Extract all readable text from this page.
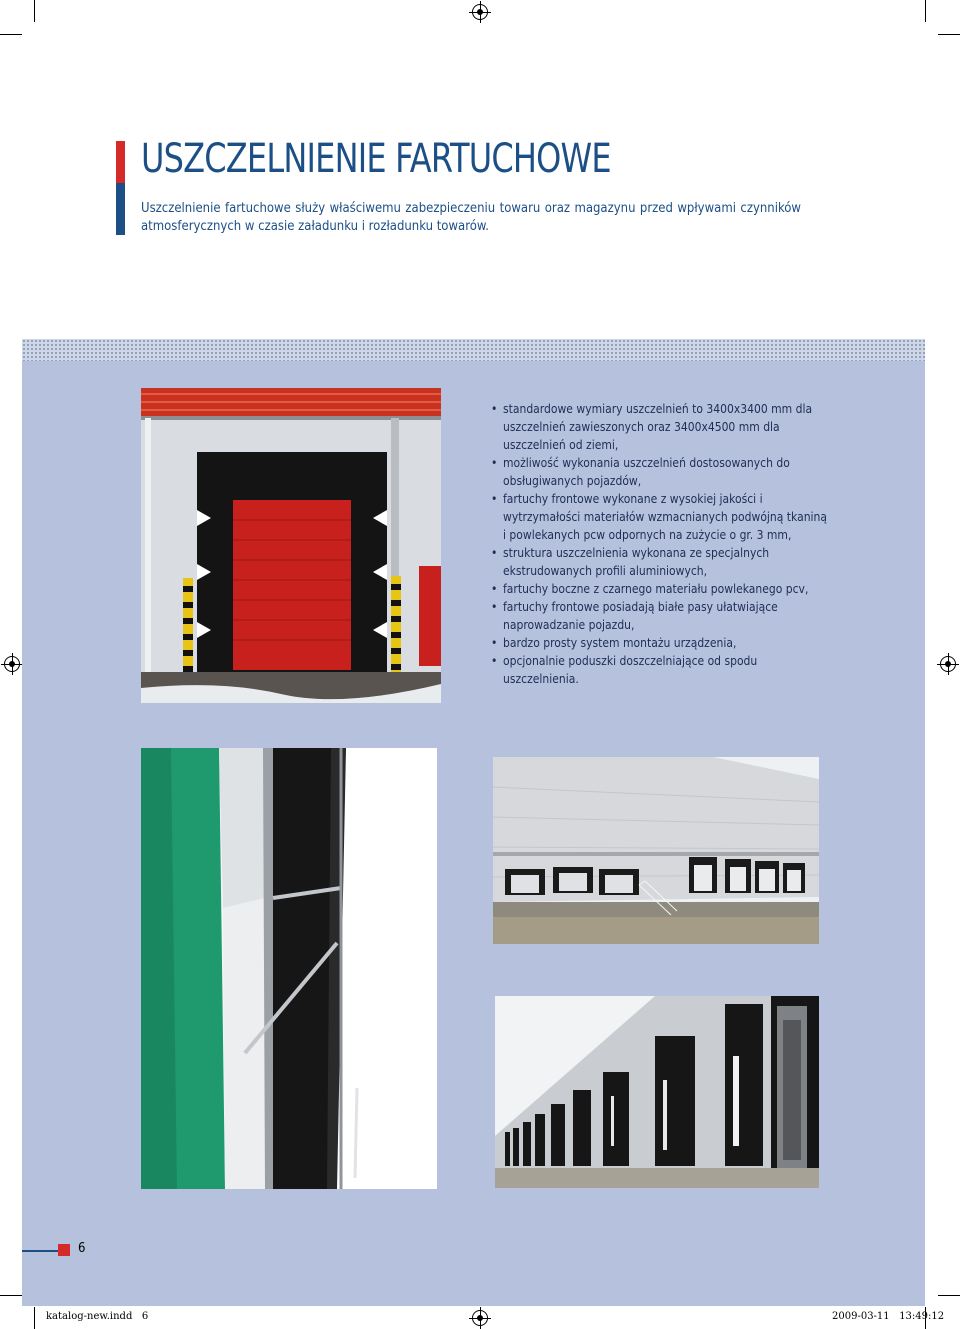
USZCZELNIENIE FARTUCHOWE

Uszczelnienie fartuchowe służy właściwemu zabezpieczeniu towaru oraz magazynu przed wpływami czynników atmosferycznych w czasie załadunku i rozładunku towarów.

• standardowe wymiary uszczelnień to 3400x3400 mm dla uszczelnień zawieszonych oraz 3400x4500 mm dla uszczelnień od ziemi,
• możliwość wykonania uszczelnień dostosowanych do obsługiwanych pojazdów,
• fartuchy frontowe wykonane z wysokiej jakości i wytrzymałości materiałów wzmacnianych podwójną tkaniną i powlekanych pcw odpornych na zużycie o gr. 3 mm,
• struktura uszczelnienia wykonana ze specjalnych ekstrudowanych profili aluminiowych,
• fartuchy boczne z czarnego materiału powlekanego pcv,
• fartuchy frontowe posiadają białe pasy ułatwiające naprowadzanie pojazdu,
• bardzo prosty system montażu urządzenia,
• opcjonalnie poduszki doszczelniające od spodu uszczelnienia.
6
katalog-new.indd   6	2009-03-11   13:49:12
